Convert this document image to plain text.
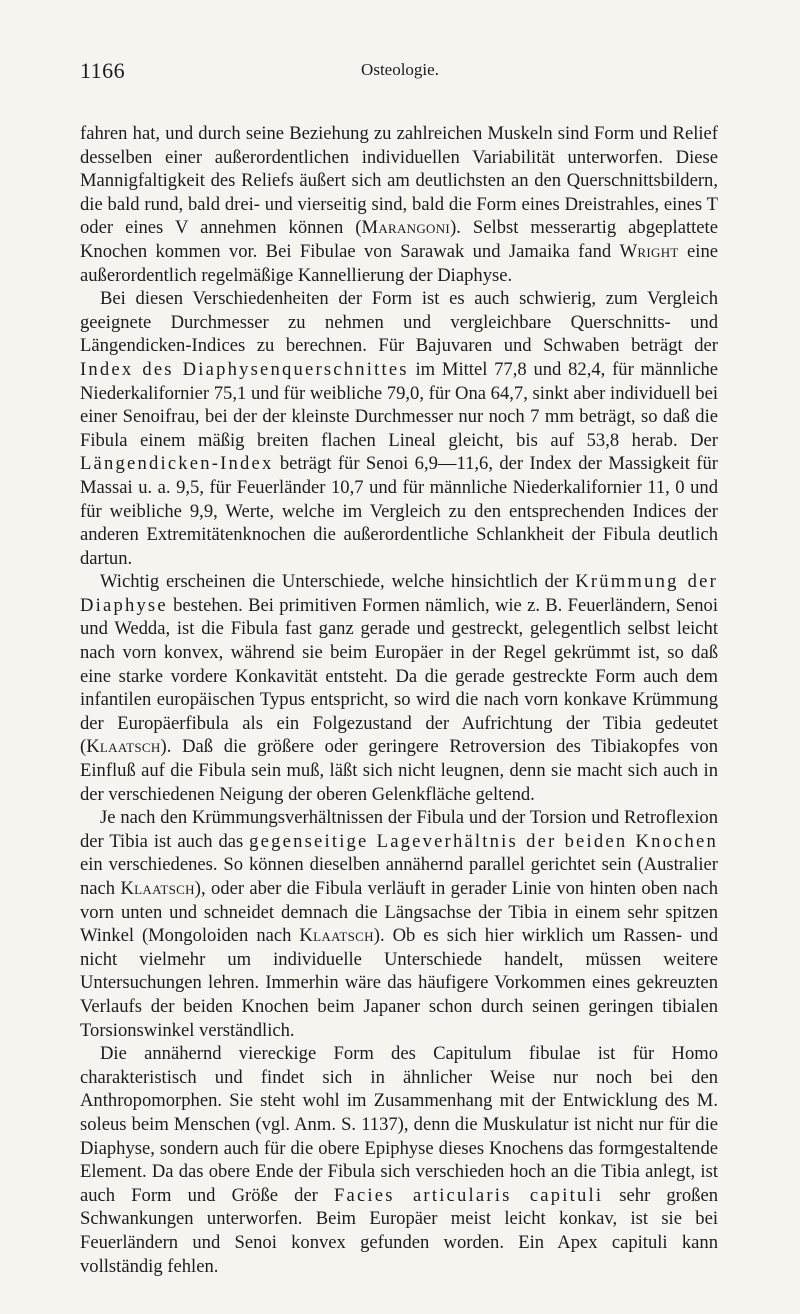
1166	Osteologie.

fahren hat, und durch seine Beziehung zu zahlreichen Muskeln sind Form und Relief desselben einer außerordentlichen individuellen Variabilität unterworfen. Diese Mannigfaltigkeit des Reliefs äußert sich am deutlichsten an den Querschnittsbildern, die bald rund, bald drei- und vierseitig sind, bald die Form eines Dreistrahles, eines T oder eines V annehmen können (Marangoni). Selbst messerartig abgeplattete Knochen kommen vor. Bei Fibulae von Sarawak und Jamaika fand Wright eine außerordentlich regelmäßige Kannellierung der Diaphyse.

Bei diesen Verschiedenheiten der Form ist es auch schwierig, zum Vergleich geeignete Durchmesser zu nehmen und vergleichbare Querschnitts- und Längendicken-Indices zu berechnen. Für Bajuvaren und Schwaben beträgt der Index des Diaphysenquerschnittes im Mittel 77,8 und 82,4, für männliche Niederkalifornier 75,1 und für weibliche 79,0, für Ona 64,7, sinkt aber individuell bei einer Senoifrau, bei der der kleinste Durchmesser nur noch 7 mm beträgt, so daß die Fibula einem mäßig breiten flachen Lineal gleicht, bis auf 53,8 herab. Der Längendicken-Index beträgt für Senoi 6,9—11,6, der Index der Massigkeit für Massai u. a. 9,5, für Feuerländer 10,7 und für männliche Niederkalifornier 11, 0 und für weibliche 9,9, Werte, welche im Vergleich zu den entsprechenden Indices der anderen Extremitätenknochen die außerordentliche Schlankheit der Fibula deutlich dartun.

Wichtig erscheinen die Unterschiede, welche hinsichtlich der Krümmung der Diaphyse bestehen. Bei primitiven Formen nämlich, wie z. B. Feuerländern, Senoi und Wedda, ist die Fibula fast ganz gerade und gestreckt, gelegentlich selbst leicht nach vorn konvex, während sie beim Europäer in der Regel gekrümmt ist, so daß eine starke vordere Konkavität entsteht. Da die gerade gestreckte Form auch dem infantilen europäischen Typus entspricht, so wird die nach vorn konkave Krümmung der Europäerfibula als ein Folgezustand der Aufrichtung der Tibia gedeutet (Klaatsch). Daß die größere oder geringere Retroversion des Tibiakopfes von Einfluß auf die Fibula sein muß, läßt sich nicht leugnen, denn sie macht sich auch in der verschiedenen Neigung der oberen Gelenkfläche geltend.

Je nach den Krümmungsverhältnissen der Fibula und der Torsion und Retroflexion der Tibia ist auch das gegenseitige Lageverhältnis der beiden Knochen ein verschiedenes. So können dieselben annähernd parallel gerichtet sein (Australier nach Klaatsch), oder aber die Fibula verläuft in gerader Linie von hinten oben nach vorn unten und schneidet demnach die Längsachse der Tibia in einem sehr spitzen Winkel (Mongoloiden nach Klaatsch). Ob es sich hier wirklich um Rassen- und nicht vielmehr um individuelle Unterschiede handelt, müssen weitere Untersuchungen lehren. Immerhin wäre das häufigere Vorkommen eines gekreuzten Verlaufs der beiden Knochen beim Japaner schon durch seinen geringen tibialen Torsionswinkel verständlich.

Die annähernd viereckige Form des Capitulum fibulae ist für Homo charakteristisch und findet sich in ähnlicher Weise nur noch bei den Anthropomorphen. Sie steht wohl im Zusammenhang mit der Entwicklung des M. soleus beim Menschen (vgl. Anm. S. 1137), denn die Muskulatur ist nicht nur für die Diaphyse, sondern auch für die obere Epiphyse dieses Knochens das formgestaltende Element. Da das obere Ende der Fibula sich verschieden hoch an die Tibia anlegt, ist auch Form und Größe der Facies articularis capituli sehr großen Schwankungen unterworfen. Beim Europäer meist leicht konkav, ist sie bei Feuerländern und Senoi konvex gefunden worden. Ein Apex capituli kann vollständig fehlen.
